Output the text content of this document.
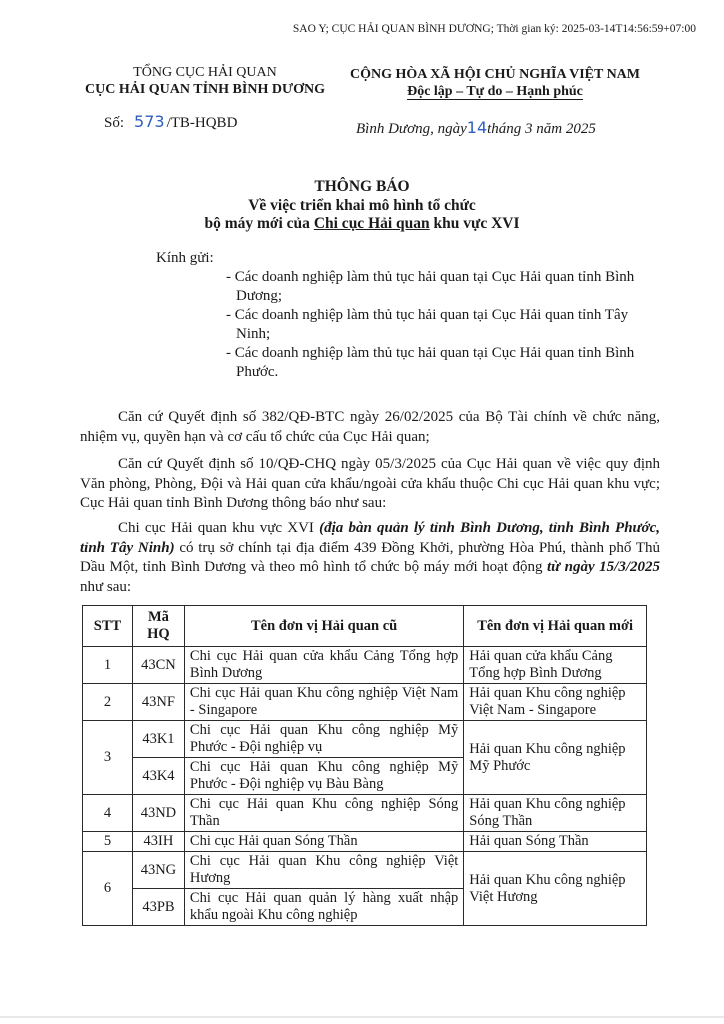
SAO Y; CỤC HẢI QUAN BÌNH DƯƠNG; Thời gian ký: 2025-03-14T14:56:59+07:00
TỔNG CỤC HẢI QUAN
CỤC HẢI QUAN TỈNH BÌNH DƯƠNG
CỘNG HÒA XÃ HỘI CHỦ NGHĨA VIỆT NAM
Độc lập – Tự do – Hạnh phúc
Số: 573 /TB-HQBD	Bình Dương, ngày14tháng 3 năm 2025
THÔNG BÁO
Về việc triển khai mô hình tổ chức
bộ máy mới của Chi cục Hải quan khu vực XVI
Kính gửi:
- Các doanh nghiệp làm thủ tục hải quan tại Cục Hải quan tỉnh Bình Dương;
- Các doanh nghiệp làm thủ tục hải quan tại Cục Hải quan tỉnh Tây Ninh;
- Các doanh nghiệp làm thủ tục hải quan tại Cục Hải quan tỉnh Bình Phước.
Căn cứ Quyết định số 382/QĐ-BTC ngày 26/02/2025 của Bộ Tài chính về chức năng, nhiệm vụ, quyền hạn và cơ cấu tổ chức của Cục Hải quan;
Căn cứ Quyết định số 10/QĐ-CHQ ngày 05/3/2025 của Cục Hải quan về việc quy định Văn phòng, Phòng, Đội và Hải quan cửa khẩu/ngoài cửa khẩu thuộc Chi cục Hải quan khu vực; Cục Hải quan tỉnh Bình Dương thông báo như sau:
Chi cục Hải quan khu vực XVI (địa bàn quản lý tỉnh Bình Dương, tỉnh Bình Phước, tỉnh Tây Ninh) có trụ sở chính tại địa điểm 439 Đồng Khởi, phường Hòa Phú, thành phố Thủ Dầu Một, tỉnh Bình Dương và theo mô hình tổ chức bộ máy mới hoạt động từ ngày 15/3/2025 như sau:
STT	Mã HQ	Tên đơn vị Hải quan cũ	Tên đơn vị Hải quan mới
1	43CN	Chi cục Hải quan cửa khẩu Cảng Tổng hợp Bình Dương	Hải quan cửa khẩu Cảng Tổng hợp Bình Dương
2	43NF	Chi cục Hải quan Khu công nghiệp Việt Nam - Singapore	Hải quan Khu công nghiệp Việt Nam - Singapore
3	43K1	Chi cục Hải quan Khu công nghiệp Mỹ Phước - Đội nghiệp vụ	Hải quan Khu công nghiệp Mỹ Phước
	43K4	Chi cục Hải quan Khu công nghiệp Mỹ Phước - Đội nghiệp vụ Bàu Bàng	
4	43ND	Chi cục Hải quan Khu công nghiệp Sóng Thần	Hải quan Khu công nghiệp Sóng Thần
5	43IH	Chi cục Hải quan Sóng Thần	Hải quan Sóng Thần
6	43NG	Chi cục Hải quan Khu công nghiệp Việt Hương	Hải quan Khu công nghiệp Việt Hương
	43PB	Chi cục Hải quan quản lý hàng xuất nhập khẩu ngoài Khu công nghiệp	
